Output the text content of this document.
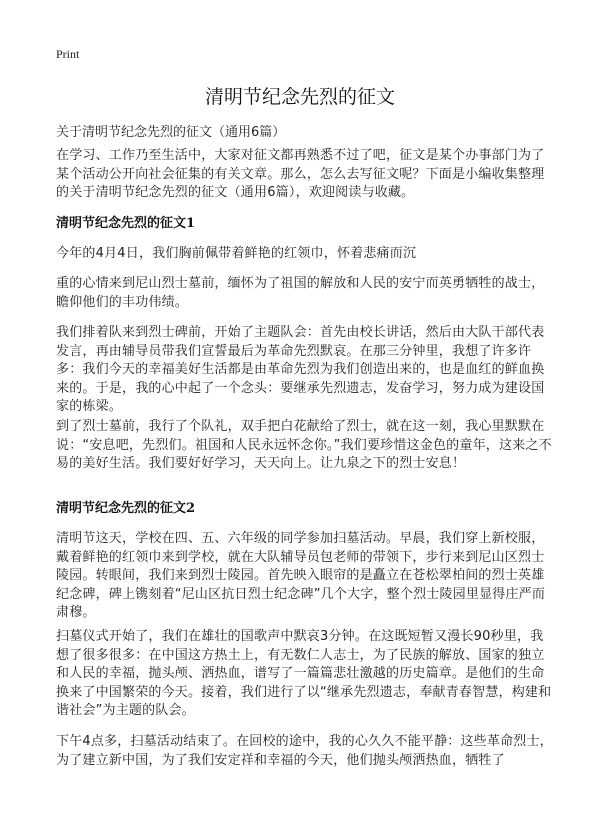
Print
清明节纪念先烈的征文
关于清明节纪念先烈的征文（通用6篇）

在学习、工作乃至生活中，大家对征文都再熟悉不过了吧，征文是某个办事部门为了某个活动公开向社会征集的有关文章。那么，怎么去写征文呢？下面是小编收集整理的关于清明节纪念先烈的征文（通用6篇），欢迎阅读与收藏。

清明节纪念先烈的征文1

今年的4月4日，我们胸前佩带着鲜艳的红领巾，怀着悲痛而沉

重的心情来到尼山烈士墓前，缅怀为了祖国的解放和人民的安宁而英勇牺牲的战士，瞻仰他们的丰功伟绩。

我们排着队来到烈士碑前，开始了主题队会：首先由校长讲话，然后由大队干部代表发言，再由辅导员带我们宣誓最后为革命先烈默哀。在那三分钟里，我想了许多许多：我们今天的幸福美好生活都是由革命先烈为我们创造出来的，也是血红的鲜血换来的。于是，我的心中起了一个念头：要继承先烈遗志，发奋学习，努力成为建设国家的栋梁。

到了烈士墓前，我行了个队礼，双手把白花献给了烈士，就在这一刻，我心里默默在说：“安息吧，先烈们。祖国和人民永远怀念你。”我们要珍惜这金色的童年，这来之不易的美好生活。我们要好好学习，天天向上。让九泉之下的烈士安息！

清明节纪念先烈的征文2

清明节这天，学校在四、五、六年级的同学参加扫墓活动。早晨，我们穿上新校服，戴着鲜艳的红领巾来到学校，就在大队辅导员包老师的带领下，步行来到尼山区烈士陵园。转眼间，我们来到烈士陵园。首先映入眼帘的是矗立在苍松翠柏间的烈士英雄纪念碑，碑上镌刻着“尼山区抗日烈士纪念碑”几个大字，整个烈士陵园里显得庄严而肃穆。

扫墓仪式开始了，我们在雄壮的国歌声中默哀3分钟。在这既短暂又漫长90秒里，我想了很多很多：在中国这方热土上，有无数仁人志士，为了民族的解放、国家的独立和人民的幸福，抛头颅、洒热血，谱写了一篇篇悲壮激越的历史篇章。是他们的生命换来了中国繁荣的今天。接着，我们进行了以“继承先烈遗志，奉献青春智慧，构建和谐社会”为主题的队会。

下午4点多，扫墓活动结束了。在回校的途中，我的心久久不能平静：这些革命烈士，为了建立新中国，为了我们安定祥和幸福的今天，他们抛头颅洒热血，牺牲了
